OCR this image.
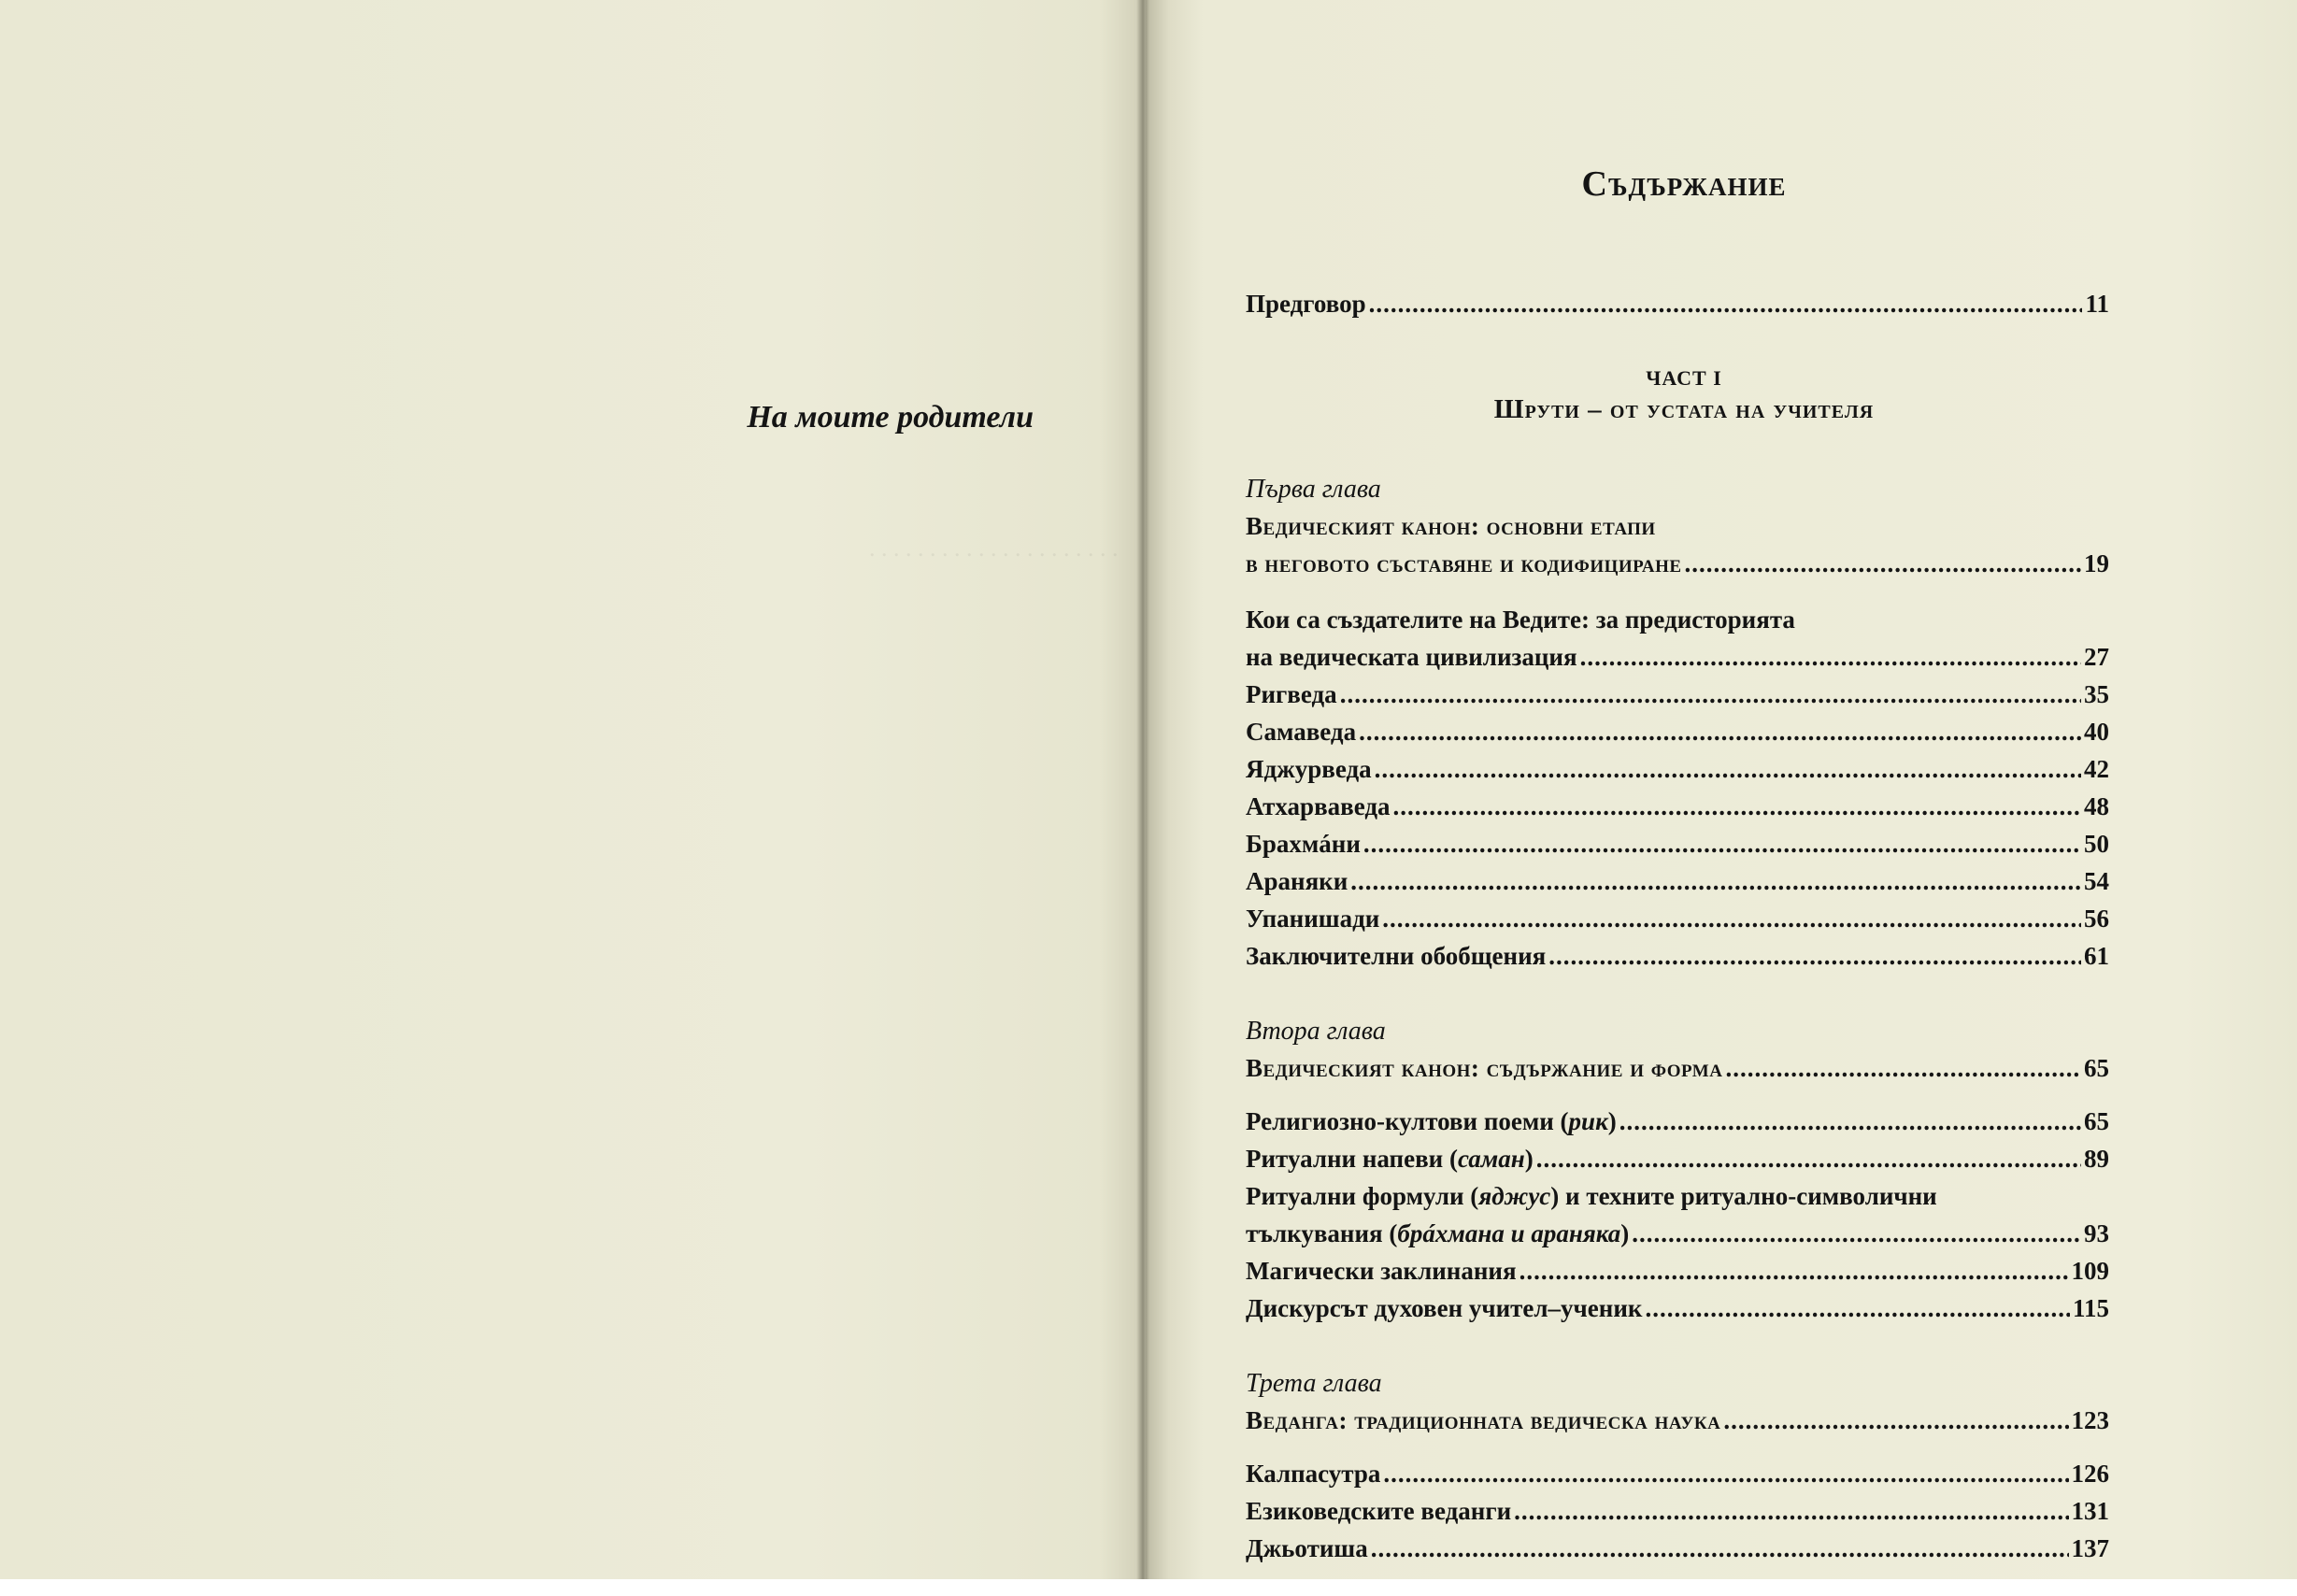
. . . . . . . . . . . . . . . . . . . . .
На моите родители
Съдържание
Предговор .....	11
ЧАСТ I
Шрути – от устата на учителя
Първа глава
Ведическият канон: основни етапи
в неговото съставяне и кодифициране .....	19
Кои са създателите на Ведите: за предисторията
на ведическата цивилизация .....	27
Ригведа .....	35
Самаведа .....	40
Яджурведа .....	42
Атхарваведа .....	48
Брахмáни .....	50
Араняки .....	54
Упанишади .....	56
Заключителни обобщения .....	61
Втора глава
Ведическият канон: съдържание и форма .....	65
Религиозно-култови поеми (рик) .....	65
Ритуални напеви (саман) .....	89
Ритуални формули (яджус) и техните ритуално-символични
тълкувания (брáхмана и араняка) .....	93
Магически заклинания .....	109
Дискурсът духовен учител–ученик .....	115
Трета глава
Веданга: традиционната ведическа наука .....	123
Калпасутра .....	126
Езиковедските веданги .....	131
Джьотиша .....	137
